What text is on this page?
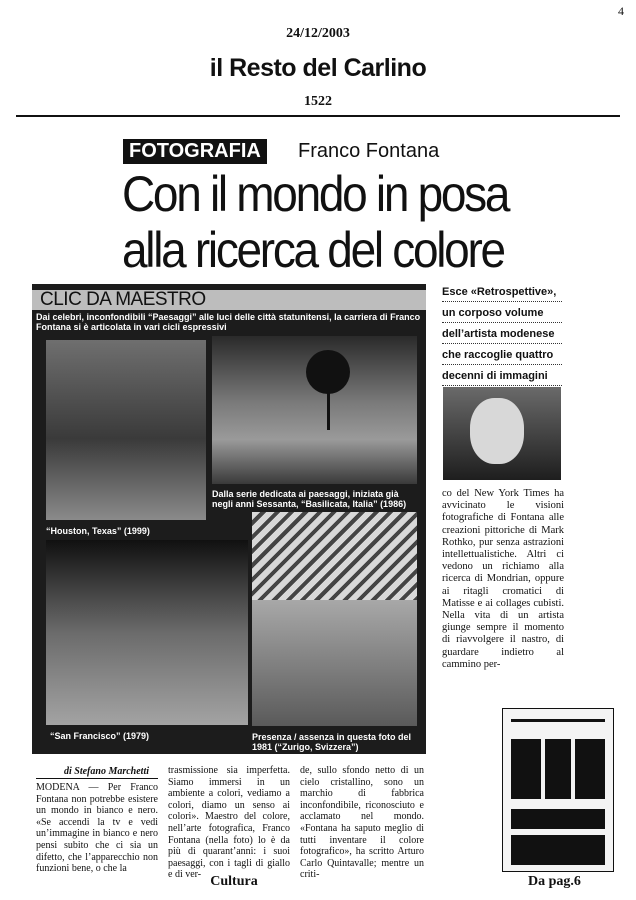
4
24/12/2003
il Resto del Carlino
1522
FOTOGRAFIA	Franco Fontana
Con il mondo in posa
alla ricerca del colore
CLIC DA MAESTRO
Dai celebri, inconfondibili “Paesaggi” alle luci delle città statunitensi, la carriera di Franco Fontana si è articolata in vari cicli espressivi
“Houston, Texas” (1999)
Dalla serie dedicata ai paesaggi, iniziata già negli anni Sessanta, “Basilicata, Italia” (1986)
“San Francisco” (1979)	Presenza / assenza in questa foto del 1981 (“Zurigo, Svizzera”)
Esce «Retrospettive»,
un corposo volume
dell’artista modenese
che raccoglie quattro
decenni di immagini
co del New York Times ha avvicinato le visioni fotografiche di Fontana alle creazioni pittoriche di Mark Rothko, pur senza astrazioni intellettualistiche. Altri ci vedono un richiamo alla ricerca di Mondrian, oppure ai ritagli cromatici di Matisse e ai collages cubisti. Nella vita di un artista giunge sempre il momento di riavvolgere il nastro, di guardare indietro al cammino per-
di Stefano Marchetti
MODENA — Per Franco Fontana non potrebbe esistere un mondo in bianco e nero. «Se accendi la tv e vedi un’immagine in bianco e nero pensi subito che ci sia un difetto, che l’apparecchio non funzioni bene, o che la
trasmissione sia imperfetta. Siamo immersi in un ambiente a colori, vediamo a colori, diamo un senso ai colori». Maestro del colore, nell’arte fotografica, Franco Fontana (nella foto) lo è da più di quarant’anni: i suoi paesaggi, con i tagli di giallo e di ver-
de, sullo sfondo netto di un cielo cristallino, sono un marchio di fabbrica inconfondibile, riconosciuto e acclamato nel mondo. «Fontana ha saputo meglio di tutti inventare il colore fotografico», ha scritto Arturo Carlo Quintavalle; mentre un criti-
Cultura	Da pag.6
